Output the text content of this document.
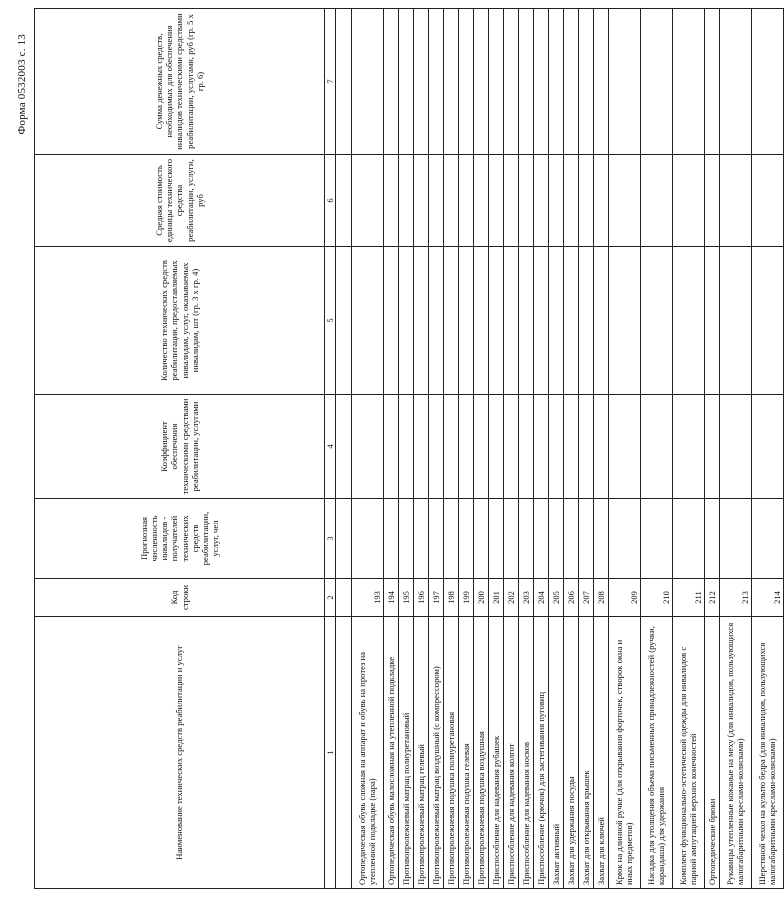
Форма 0532003 с. 13
Наименование технических средств реабилитации и услуг	Код строки	Прогнозная численность инвалидов - получателей технических средств реабилитации, услуг, чел	Коэффициент обеспечения техническими средствами реабилитации, услугами	Количество технических средств реабилитации, предоставляемых инвалидам, услуг, оказываемых инвалидам, шт (гр. 3 х гр. 4)	Средняя стоимость единицы технического средства реабилитации, услуги, руб	Сумма денежных средств, необходимых для обеспечения инвалидов техническими средствами реабилитации, услугами, руб (гр. 5 х гр. 6)
1	2	3	4	5	6	7

Ортопедическая обувь сложная на аппарат и обувь на протез на утепленной подкладке (пара)	193					
Ортопедическая обувь малосложная на утепленной подкладке	194					
Противопролежневый матрац полиуретановый	195					
Противопролежневый матрац гелевый	196					
Противопролежневый матрац воздушный (с компрессором)	197					
Противопролежневая подушка полиуретановая	198					
Противопролежневая подушка гелевая	199					
Противопролежневая подушка воздушная	200					
Приспособление для надевания рубашек	201					
Приспособление для надевания колгот	202					
Приспособление для надевания носков	203					
Приспособление (крючок) для застегивания пуговиц	204					
Захват активный	205					
Захват для удержания посуды	206					
Захват для открывания крышек	207					
Захват для ключей	208					
Крюк на длинной ручке (для открывания форточек, створок окна и иных предметов)	209					
Насадка для утолщения объема письменных принадлежностей (ручки, карандаша) для удержания	210					
Комплект функционально-эстетической одежды для инвалидов с парной ампутацией верхних конечностей	211					
Ортопедические брюки	212					
Рукавицы утепленные кожаные на меху (для инвалидов, пользующихся малогабаритными креслами-колясками)	213					
Шерстяной чехол на культю бедра (для инвалидов, пользующихся малогабаритными креслами-колясками)	214					
